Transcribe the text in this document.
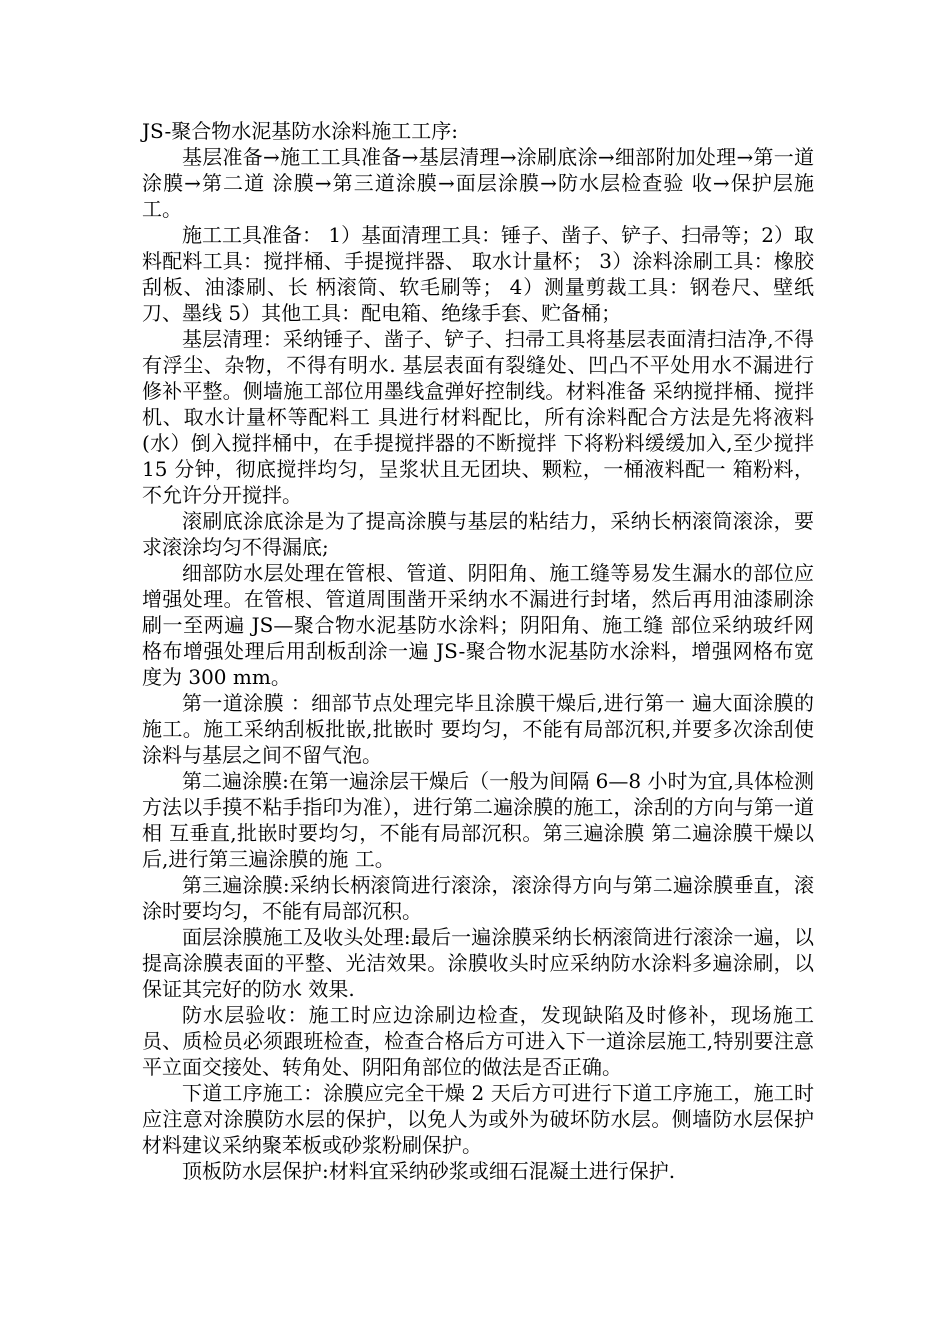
JS-聚合物水泥基防水涂料施工工序:

基层准备→施工工具准备→基层清理→涂刷底涂→细部附加处理→第一道涂膜→第二道 涂膜→第三道涂膜→面层涂膜→防水层检查验 收→保护层施工。

施工工具准备： 1）基面清理工具：锤子、凿子、铲子、扫帚等；2）取料配料工具：搅拌桶、手提搅拌器、 取水计量杯； 3）涂料涂刷工具：橡胶刮板、油漆刷、长 柄滚筒、软毛刷等； 4）测量剪裁工具：钢卷尺、壁纸刀、墨线 5）其他工具：配电箱、绝缘手套、贮备桶；

基层清理：采纳锤子、凿子、铲子、扫帚工具将基层表面清扫洁净,不得有浮尘、杂物，不得有明水. 基层表面有裂缝处、凹凸不平处用水不漏进行修补平整。侧墙施工部位用墨线盒弹好控制线。材料准备 采纳搅拌桶、搅拌机、取水计量杯等配料工 具进行材料配比，所有涂料配合方法是先将液料(水）倒入搅拌桶中，在手提搅拌器的不断搅拌 下将粉料缓缓加入,至少搅拌 15 分钟，彻底搅拌均匀，呈浆状且无团块、颗粒，一桶液料配一 箱粉料，不允许分开搅拌。

滚刷底涂底涂是为了提高涂膜与基层的粘结力，采纳长柄滚筒滚涂，要求滚涂均匀不得漏底;

细部防水层处理在管根、管道、阴阳角、施工缝等易发生漏水的部位应增强处理。在管根、管道周围凿开采纳水不漏进行封堵，然后再用油漆刷涂刷一至两遍 JS—聚合物水泥基防水涂料；阴阳角、施工缝 部位采纳玻纤网格布增强处理后用刮板刮涂一遍 JS-聚合物水泥基防水涂料，增强网格布宽度为 300 mm。

第一道涂膜 ：细部节点处理完毕且涂膜干燥后,进行第一 遍大面涂膜的施工。施工采纳刮板批嵌,批嵌时 要均匀，不能有局部沉积,并要多次涂刮使涂料与基层之间不留气泡。

第二遍涂膜:在第一遍涂层干燥后（一般为间隔 6—8 小时为宜,具体检测方法以手摸不粘手指印为准），进行第二遍涂膜的施工，涂刮的方向与第一道相 互垂直,批嵌时要均匀，不能有局部沉积。第三遍涂膜 第二遍涂膜干燥以后,进行第三遍涂膜的施 工。

第三遍涂膜:采纳长柄滚筒进行滚涂，滚涂得方向与第二遍涂膜垂直，滚涂时要均匀，不能有局部沉积。

面层涂膜施工及收头处理:最后一遍涂膜采纳长柄滚筒进行滚涂一遍，以提高涂膜表面的平整、光洁效果。涂膜收头时应采纳防水涂料多遍涂刷，以保证其完好的防水 效果.

防水层验收：施工时应边涂刷边检查，发现缺陷及时修补，现场施工员、质检员必须跟班检查，检查合格后方可进入下一道涂层施工,特别要注意平立面交接处、转角处、阴阳角部位的做法是否正确。

下道工序施工：涂膜应完全干燥 2 天后方可进行下道工序施工，施工时应注意对涂膜防水层的保护，以免人为或外为破坏防水层。侧墙防水层保护材料建议采纳聚苯板或砂浆粉刷保护。

顶板防水层保护:材料宜采纳砂浆或细石混凝土进行保护.
